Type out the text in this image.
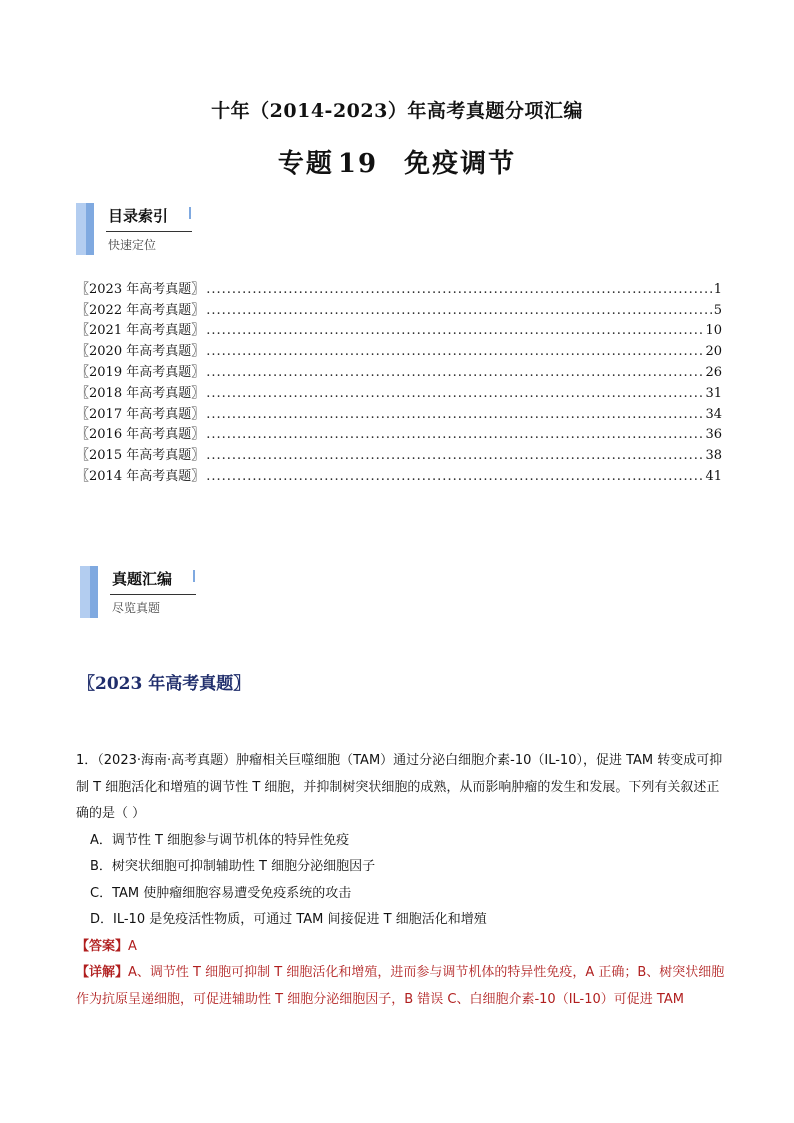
十年（2014-2023）年高考真题分项汇编
专题 19 免疫调节
目录索引
快速定位
〖2023 年高考真题〗 .....	1
〖2022 年高考真题〗 .....	5
〖2021 年高考真题〗 .....	10
〖2020 年高考真题〗 .....	20
〖2019 年高考真题〗 .....	26
〖2018 年高考真题〗 .....	31
〖2017 年高考真题〗 .....	34
〖2016 年高考真题〗 .....	36
〖2015 年高考真题〗 .....	38
〖2014 年高考真题〗 .....	41
真题汇编
尽览真题
〖2023 年高考真题〗

1．（2023·海南·高考真题）肿瘤相关巨噬细胞（TAM）通过分泌白细胞介素-10（IL-10），促进 TAM 转变成可抑制 T 细胞活化和增殖的调节性 T 细胞，并抑制树突状细胞的成熟，从而影响肿瘤的发生和发展。下列有关叙述正确的是（ ）

A．调节性 T 细胞参与调节机体的特异性免疫

B．树突状细胞可抑制辅助性 T 细胞分泌细胞因子

C．TAM 使肿瘤细胞容易遭受免疫系统的攻击

D．IL-10 是免疫活性物质，可通过 TAM 间接促进 T 细胞活化和增殖

【答案】A

【详解】A、调节性 T 细胞可抑制 T 细胞活化和增殖，进而参与调节机体的特异性免疫，A 正确；B、树突状细胞作为抗原呈递细胞，可促进辅助性 T 细胞分泌细胞因子，B 错误 C、白细胞介素-10（IL-10）可促进 TAM
